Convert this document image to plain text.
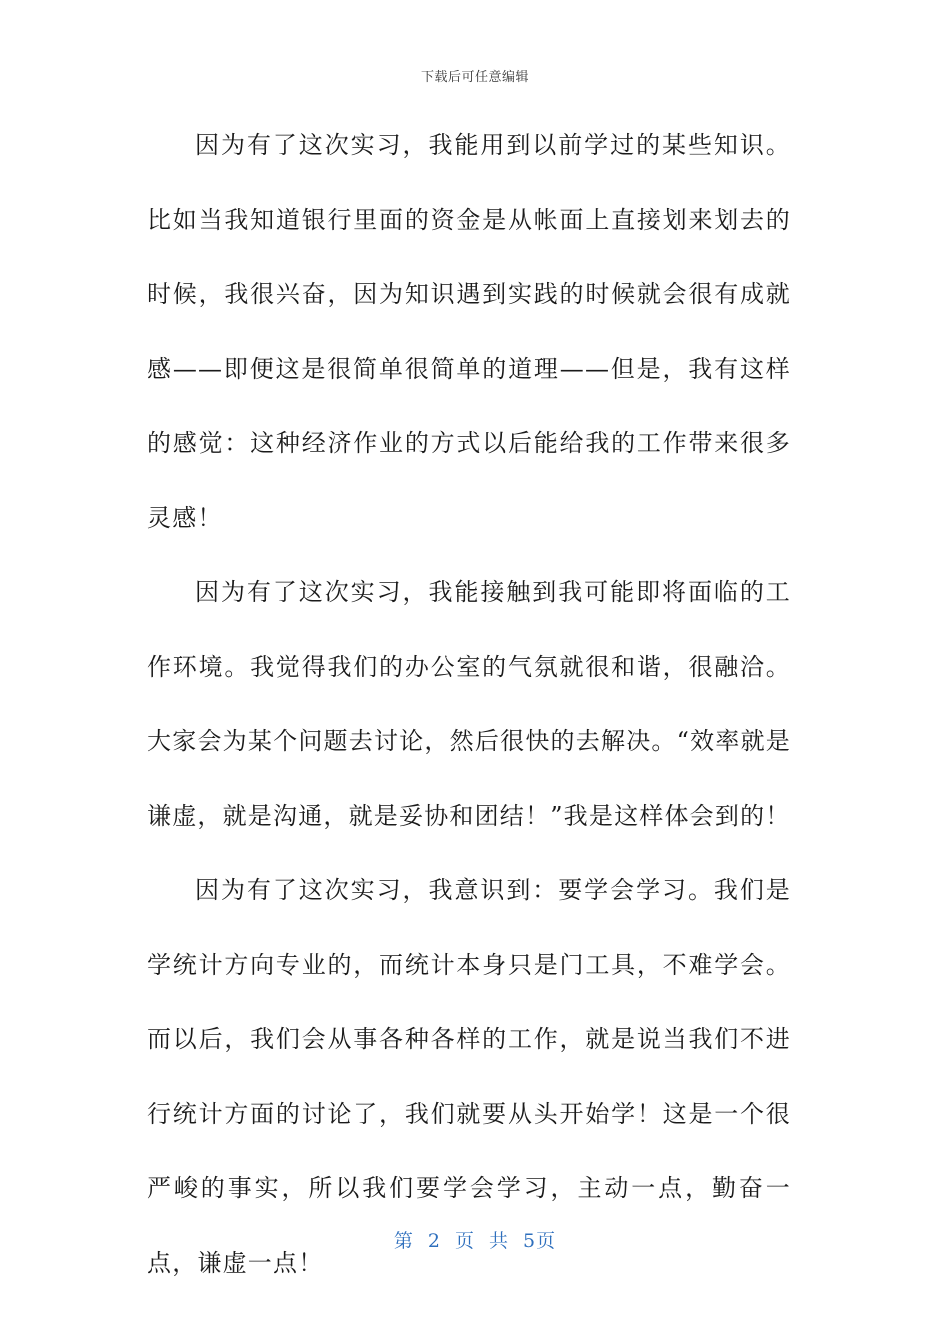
下载后可任意编辑

因为有了这次实习，我能用到以前学过的某些知识。比如当我知道银行里面的资金是从帐面上直接划来划去的时候，我很兴奋，因为知识遇到实践的时候就会很有成就感——即便这是很简单很简单的道理——但是，我有这样的感觉：这种经济作业的方式以后能给我的工作带来很多灵感！

因为有了这次实习，我能接触到我可能即将面临的工作环境。我觉得我们的办公室的气氛就很和谐，很融洽。大家会为某个问题去讨论，然后很快的去解决。“效率就是谦虚，就是沟通，就是妥协和团结！”我是这样体会到的！

因为有了这次实习，我意识到：要学会学习。我们是学统计方向专业的，而统计本身只是门工具，不难学会。而以后，我们会从事各种各样的工作，就是说当我们不进行统计方面的讨论了，我们就要从头开始学！这是一个很严峻的事实，所以我们要学会学习，主动一点，勤奋一点，谦虚一点！

第 2 页 共 5页
